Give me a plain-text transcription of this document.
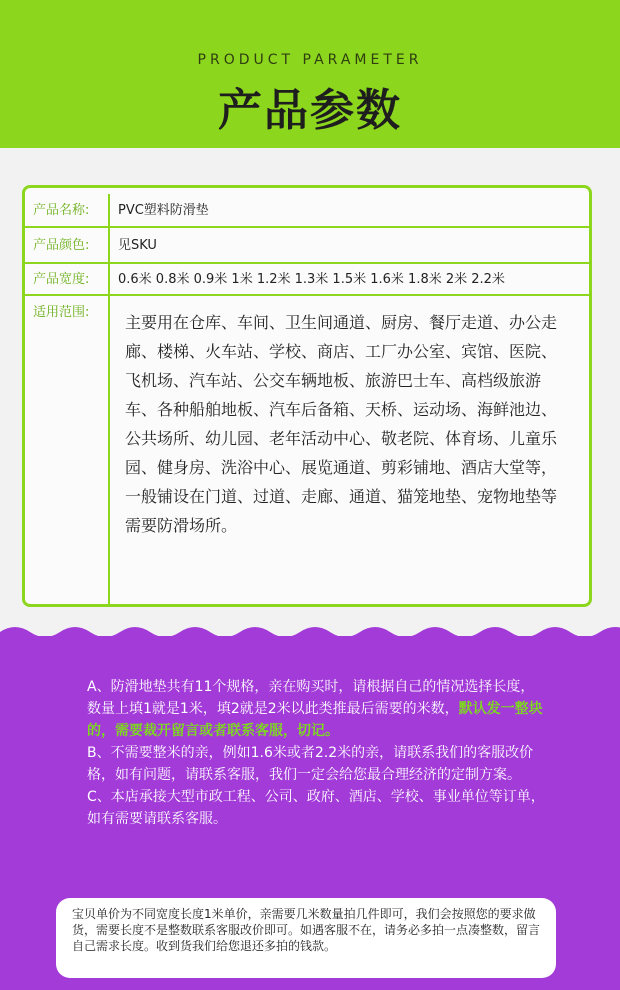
PRODUCT PARAMETER
产品参数
产品名称:	PVC塑料防滑垫
产品颜色:	见SKU
产品宽度:	0.6米 0.8米 0.9米 1米 1.2米 1.3米 1.5米 1.6米 1.8米 2米 2.2米
适用范围:
主要用在仓库、车间、卫生间通道、厨房、餐厅走道、办公走廊、楼梯、火车站、学校、商店、工厂办公室、宾馆、医院、飞机场、汽车站、公交车辆地板、旅游巴士车、高档级旅游车、各种船舶地板、汽车后备箱、天桥、运动场、海鲜池边、公共场所、幼儿园、老年活动中心、敬老院、体育场、儿童乐园、健身房、洗浴中心、展览通道、剪彩铺地、酒店大堂等，一般铺设在门道、过道、走廊、通道、猫笼地垫、宠物地垫等需要防滑场所。

A、防滑地垫共有11个规格，亲在购买时，请根据自己的情况选择长度，数量上填1就是1米，填2就是2米以此类推最后需要的米数，默认发一整块的，需要裁开留言或者联系客服，切记。

B、不需要整米的亲，例如1.6米或者2.2米的亲，请联系我们的客服改价格，如有问题，请联系客服，我们一定会给您最合理经济的定制方案。

C、本店承接大型市政工程、公司、政府、酒店、学校、事业单位等订单，如有需要请联系客服。

宝贝单价为不同宽度长度1米单价，亲需要几米数量拍几件即可，我们会按照您的要求做货，需要长度不是整数联系客服改价即可。如遇客服不在，请务必多拍一点凑整数，留言自己需求长度。收到货我们给您退还多拍的钱款。
